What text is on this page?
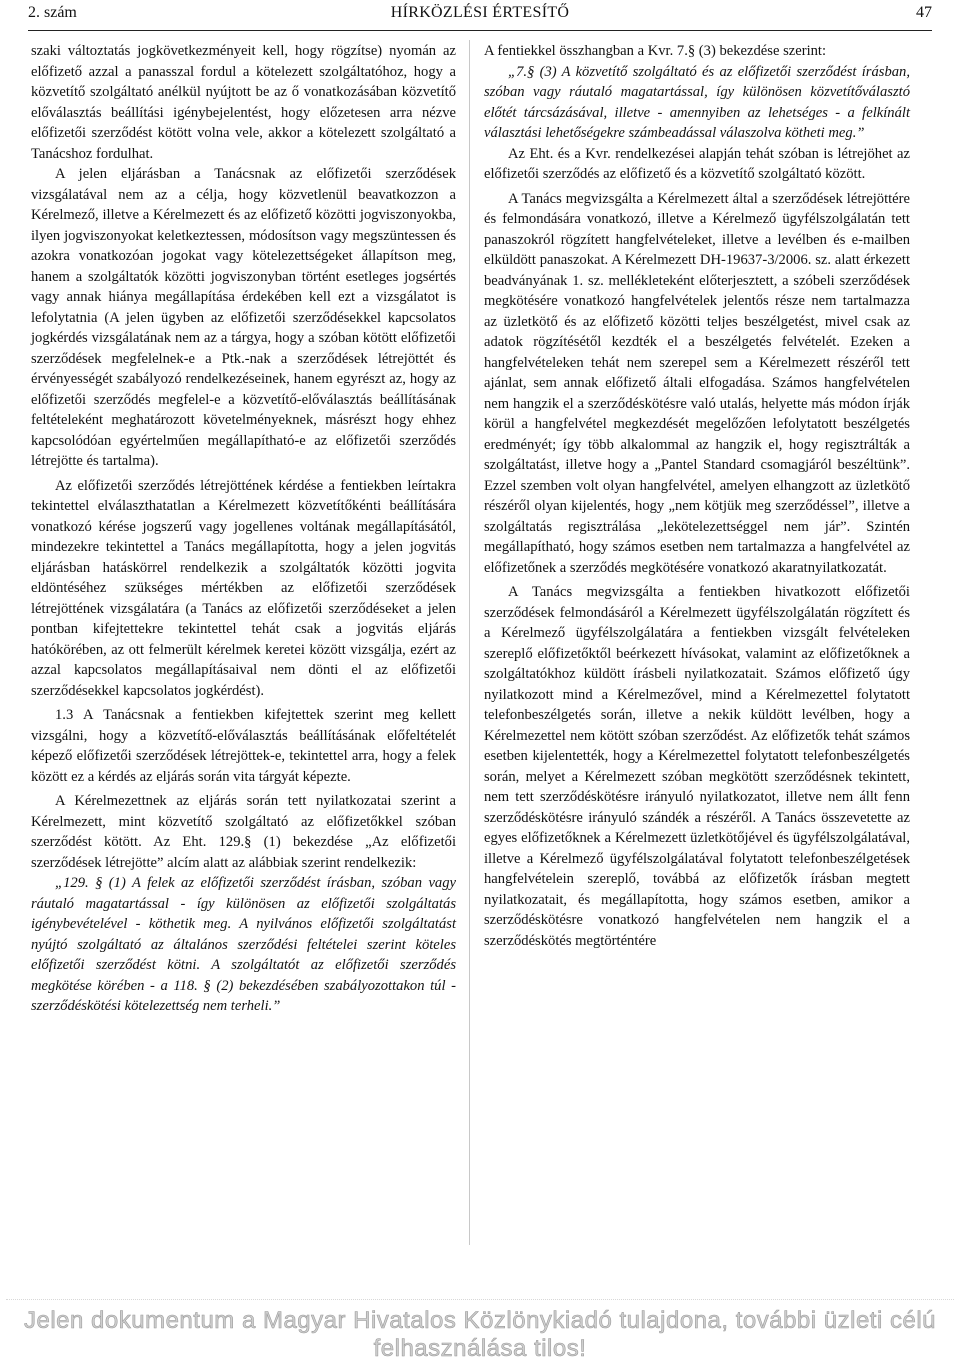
2. szám	HÍRKÖZLÉSI ÉRTESÍTŐ	47

szaki változtatás jogkövetkezményeit kell, hogy rögzítse) nyomán az előfizető azzal a panasszal fordul a kötelezett szolgáltatóhoz, hogy a közvetítő szolgáltató anélkül nyújtott be az ő vonatkozásában közvetítő előválasztás beállítási igénybejelentést, hogy előzetesen arra nézve előfizetői szerződést kötött volna vele, akkor a kötelezett szolgáltató a Tanácshoz fordulhat.

A jelen eljárásban a Tanácsnak az előfizetői szerződések vizsgálatával nem az a célja, hogy közvetlenül beavatkozzon a Kérelmező, illetve a Kérelmezett és az előfizető közötti jogviszonyokba, ilyen jogviszonyokat keletkeztessen, módosítson vagy megszüntessen és azokra vonatkozóan jogokat vagy kötelezettségeket állapítson meg, hanem a szolgáltatók közötti jogviszonyban történt esetleges jogsértés vagy annak hiánya megállapítása érdekében kell ezt a vizsgálatot is lefolytatnia (A jelen ügyben az előfizetői szerződésekkel kapcsolatos jogkérdés vizsgálatának nem az a tárgya, hogy a szóban kötött előfizetői szerződések megfelelnek-e a Ptk.-nak a szerződések létrejöttét és érvényességét szabályozó rendelkezéseinek, hanem egyrészt az, hogy az előfizetői szerződés megfelel-e a közvetítő-előválasztás beállításának feltételeként meghatározott követelményeknek, másrészt hogy ehhez kapcsolódóan egyértelműen megállapítható-e az előfizetői szerződés létrejötte és tartalma).

Az előfizetői szerződés létrejöttének kérdése a fentiekben leírtakra tekintettel elválaszthatatlan a Kérelmezett közvetítőkénti beállítására vonatkozó kérése jogszerű vagy jogellenes voltának megállapításától, mindezekre tekintettel a Tanács megállapította, hogy a jelen jogvitás eljárásban hatáskörrel rendelkezik a szolgáltatók közötti jogvita eldöntéséhez szükséges mértékben az előfizetői szerződések létrejöttének vizsgálatára (a Tanács az előfizetői szerződéseket a jelen pontban kifejtettekre tekintettel tehát csak a jogvitás eljárás hatókörében, az ott felmerült kérelmek keretei között vizsgálja, ezért az azzal kapcsolatos megállapításaival nem dönti el az előfizetői szerződésekkel kapcsolatos jogkérdést).

1.3 A Tanácsnak a fentiekben kifejtettek szerint meg kellett vizsgálni, hogy a közvetítő-előválasztás beállításának előfeltételét képező előfizetői szerződések létrejöttek-e, tekintettel arra, hogy a felek között ez a kérdés az eljárás során vita tárgyát képezte.

A Kérelmezettnek az eljárás során tett nyilatkozatai szerint a Kérelmezett, mint közvetítő szolgáltató az előfizetőkkel szóban szerződést kötött. Az Eht. 129.§ (1) bekezdése „Az előfizetői szerződések létrejötte” alcím alatt az alábbiak szerint rendelkezik:

„129. § (1) A felek az előfizetői szerződést írásban, szóban vagy ráutaló magatartással - így különösen az előfizetői szolgáltatás igénybevételével - köthetik meg. A nyilvános előfizetői szolgáltatást nyújtó szolgáltató az általános szerződési feltételei szerint köteles előfizetői szerződést kötni. A szolgáltatót az előfizetői szerződés megkötése körében - a 118. § (2) bekezdésében szabályozottakon túl - szerződéskötési kötelezettség nem terheli.”

A fentiekkel összhangban a Kvr. 7.§ (3) bekezdése szerint:

„7.§ (3) A közvetítő szolgáltató és az előfizetői szerződést írásban, szóban vagy ráutaló magatartással, így különösen közvetítőválasztó előtét tárcsázásával, illetve - amennyiben az lehetséges - a felkínált választási lehetőségekre számbeadással válaszolva kötheti meg.”

Az Eht. és a Kvr. rendelkezései alapján tehát szóban is létrejöhet az előfizetői szerződés az előfizető és a közvetítő szolgáltató között.

A Tanács megvizsgálta a Kérelmezett által a szerződések létrejöttére és felmondására vonatkozó, illetve a Kérelmező ügyfélszolgálatán tett panaszokról rögzített hangfelvételeket, illetve a levélben és e-mailben elküldött panaszokat. A Kérelmezett DH-19637-3/2006. sz. alatt érkezett beadványának 1. sz. mellékleteként előterjesztett, a szóbeli szerződések megkötésére vonatkozó hangfelvételek jelentős része nem tartalmazza az üzletkötő és az előfizető közötti teljes beszélgetést, mivel csak az adatok rögzítésétől kezdték el a beszélgetés felvételét. Ezeken a hangfelvételeken tehát nem szerepel sem a Kérelmezett részéről tett ajánlat, sem annak előfizető általi elfogadása. Számos hangfelvételen nem hangzik el a szerződéskötésre való utalás, helyette más módon írják körül a hangfelvétel megkezdését megelőzően lefolytatott beszélgetés eredményét; így több alkalommal az hangzik el, hogy regisztrálták a szolgáltatást, illetve hogy a „Pantel Standard csomagjáról beszéltünk”. Ezzel szemben volt olyan hangfelvétel, amelyen elhangzott az üzletkötő részéről olyan kijelentés, hogy „nem kötjük meg szerződéssel”, illetve a szolgáltatás regisztrálása „lekötelezettséggel nem jár”. Szintén megállapítható, hogy számos esetben nem tartalmazza a hangfelvétel az előfizetőnek a szerződés megkötésére vonatkozó akaratnyilatkozatát.

A Tanács megvizsgálta a fentiekben hivatkozott előfizetői szerződések felmondásáról a Kérelmezett ügyfélszolgálatán rögzített és a Kérelmező ügyfélszolgálatára a fentiekben vizsgált felvételeken szereplő előfizetőktől beérkezett hívásokat, valamint az előfizetőknek a szolgáltatókhoz küldött írásbeli nyilatkozatait. Számos előfizető úgy nyilatkozott mind a Kérelmezővel, mind a Kérelmezettel folytatott telefonbeszélgetés során, illetve a nekik küldött levélben, hogy a Kérelmezettel nem kötött szóban szerződést. Az előfizetők tehát számos esetben kijelentették, hogy a Kérelmezettel folytatott telefonbeszélgetés során, melyet a Kérelmezett szóban megkötött szerződésnek tekintett, nem tett szerződéskötésre irányuló nyilatkozatot, illetve nem állt fenn szerződéskötésre irányuló szándék a részéről. A Tanács összevetette az egyes előfizetőknek a Kérelmezett üzletkötőjével és ügyfélszolgálatával, illetve a Kérelmező ügyfélszolgálatával folytatott telefonbeszélgetések hangfelvételein szereplő, továbbá az előfizetők írásban megtett nyilatkozatait, és megállapította, hogy számos esetben, amikor a szerződéskötésre vonatkozó hangfelvételen nem hangzik el a szerződéskötés megtörténtére

Jelen dokumentum a Magyar Hivatalos Közlönykiadó tulajdona, további üzleti célú felhasználása tilos!
